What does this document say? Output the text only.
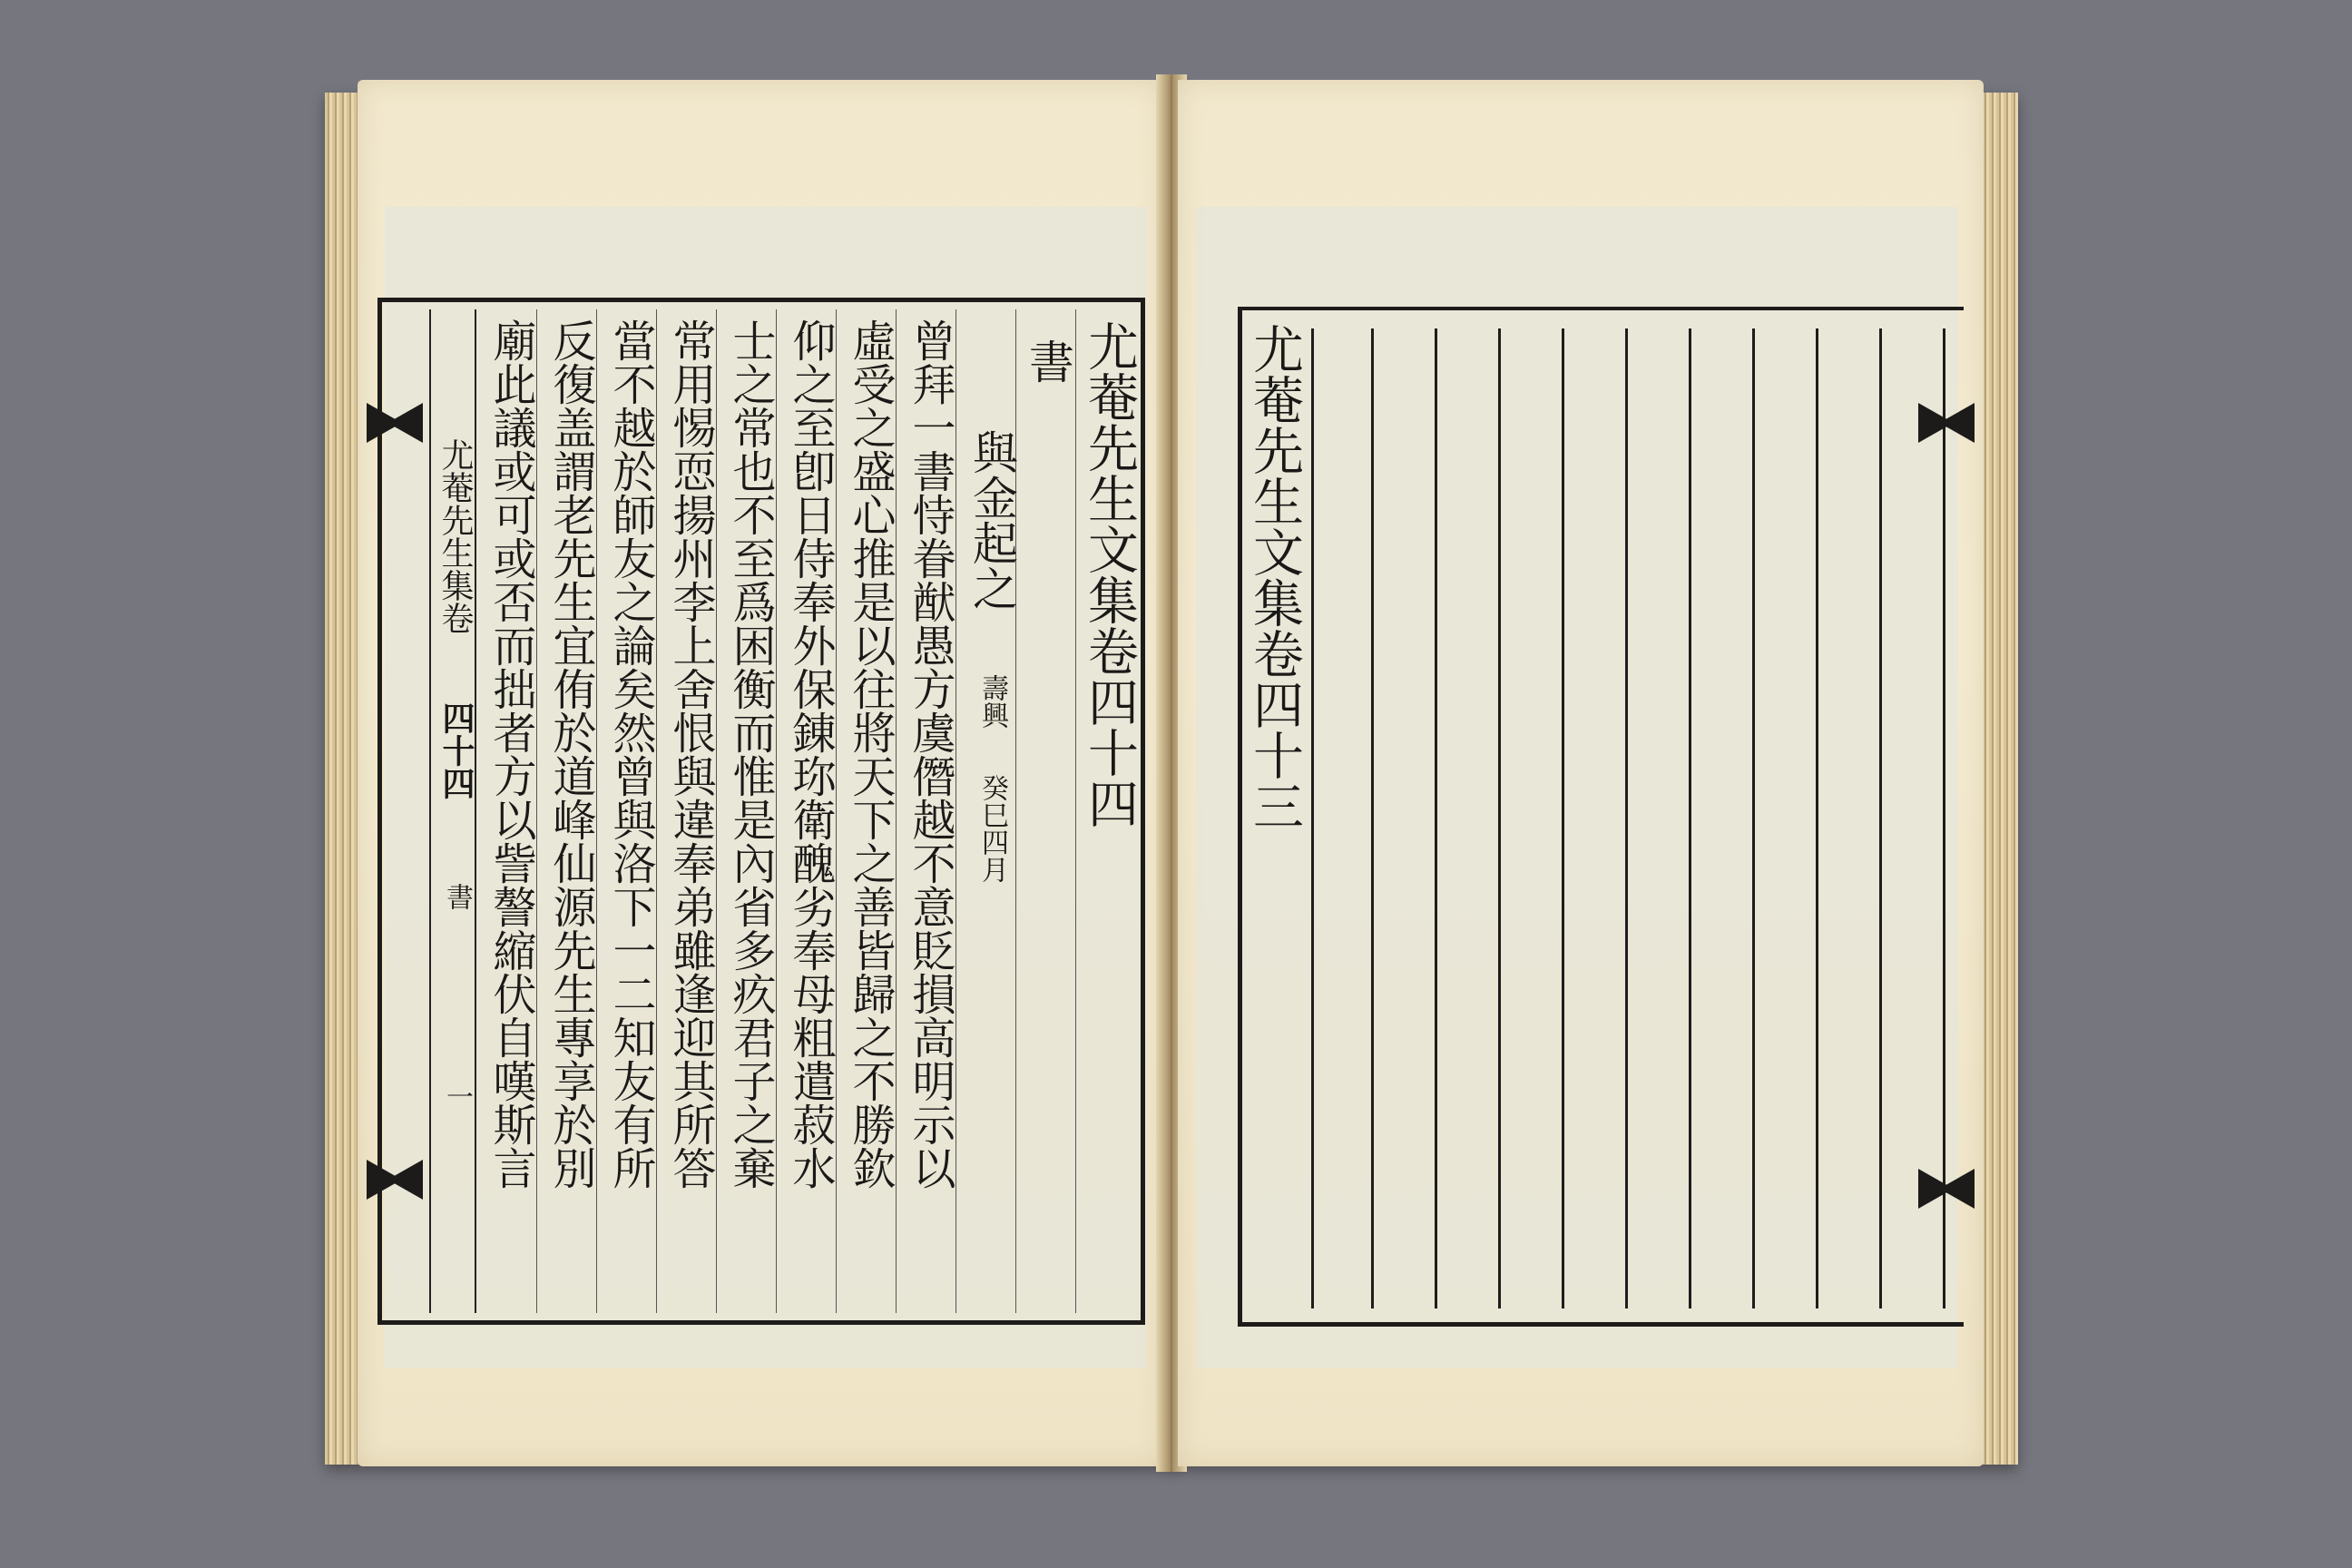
尤菴先生集卷
四十四
書
一
尤菴先生文集卷四十四
書
與金起之
壽興
癸巳四月
曾拜一書恃眷猷愚方虞僭越不意貶損高明示以
虛受之盛心推是以往將天下之善皆歸之不勝欽
仰之至卽日侍奉外保錬珎衛醜劣奉母粗遣菽水
士之常也不至爲困衡而惟是內省多疚君子之棄
常用惕恧揚州李上舍恨與違奉弟雖逢迎其所答
當不越於師友之論矣然曾與洛下一二知友有所
反復盖謂老先生宜侑於道峰仙源先生專享於別
廟此議或可或否而拙者方以訾謷縮伏自嘆斯言	尤菴先生文集卷四十三
